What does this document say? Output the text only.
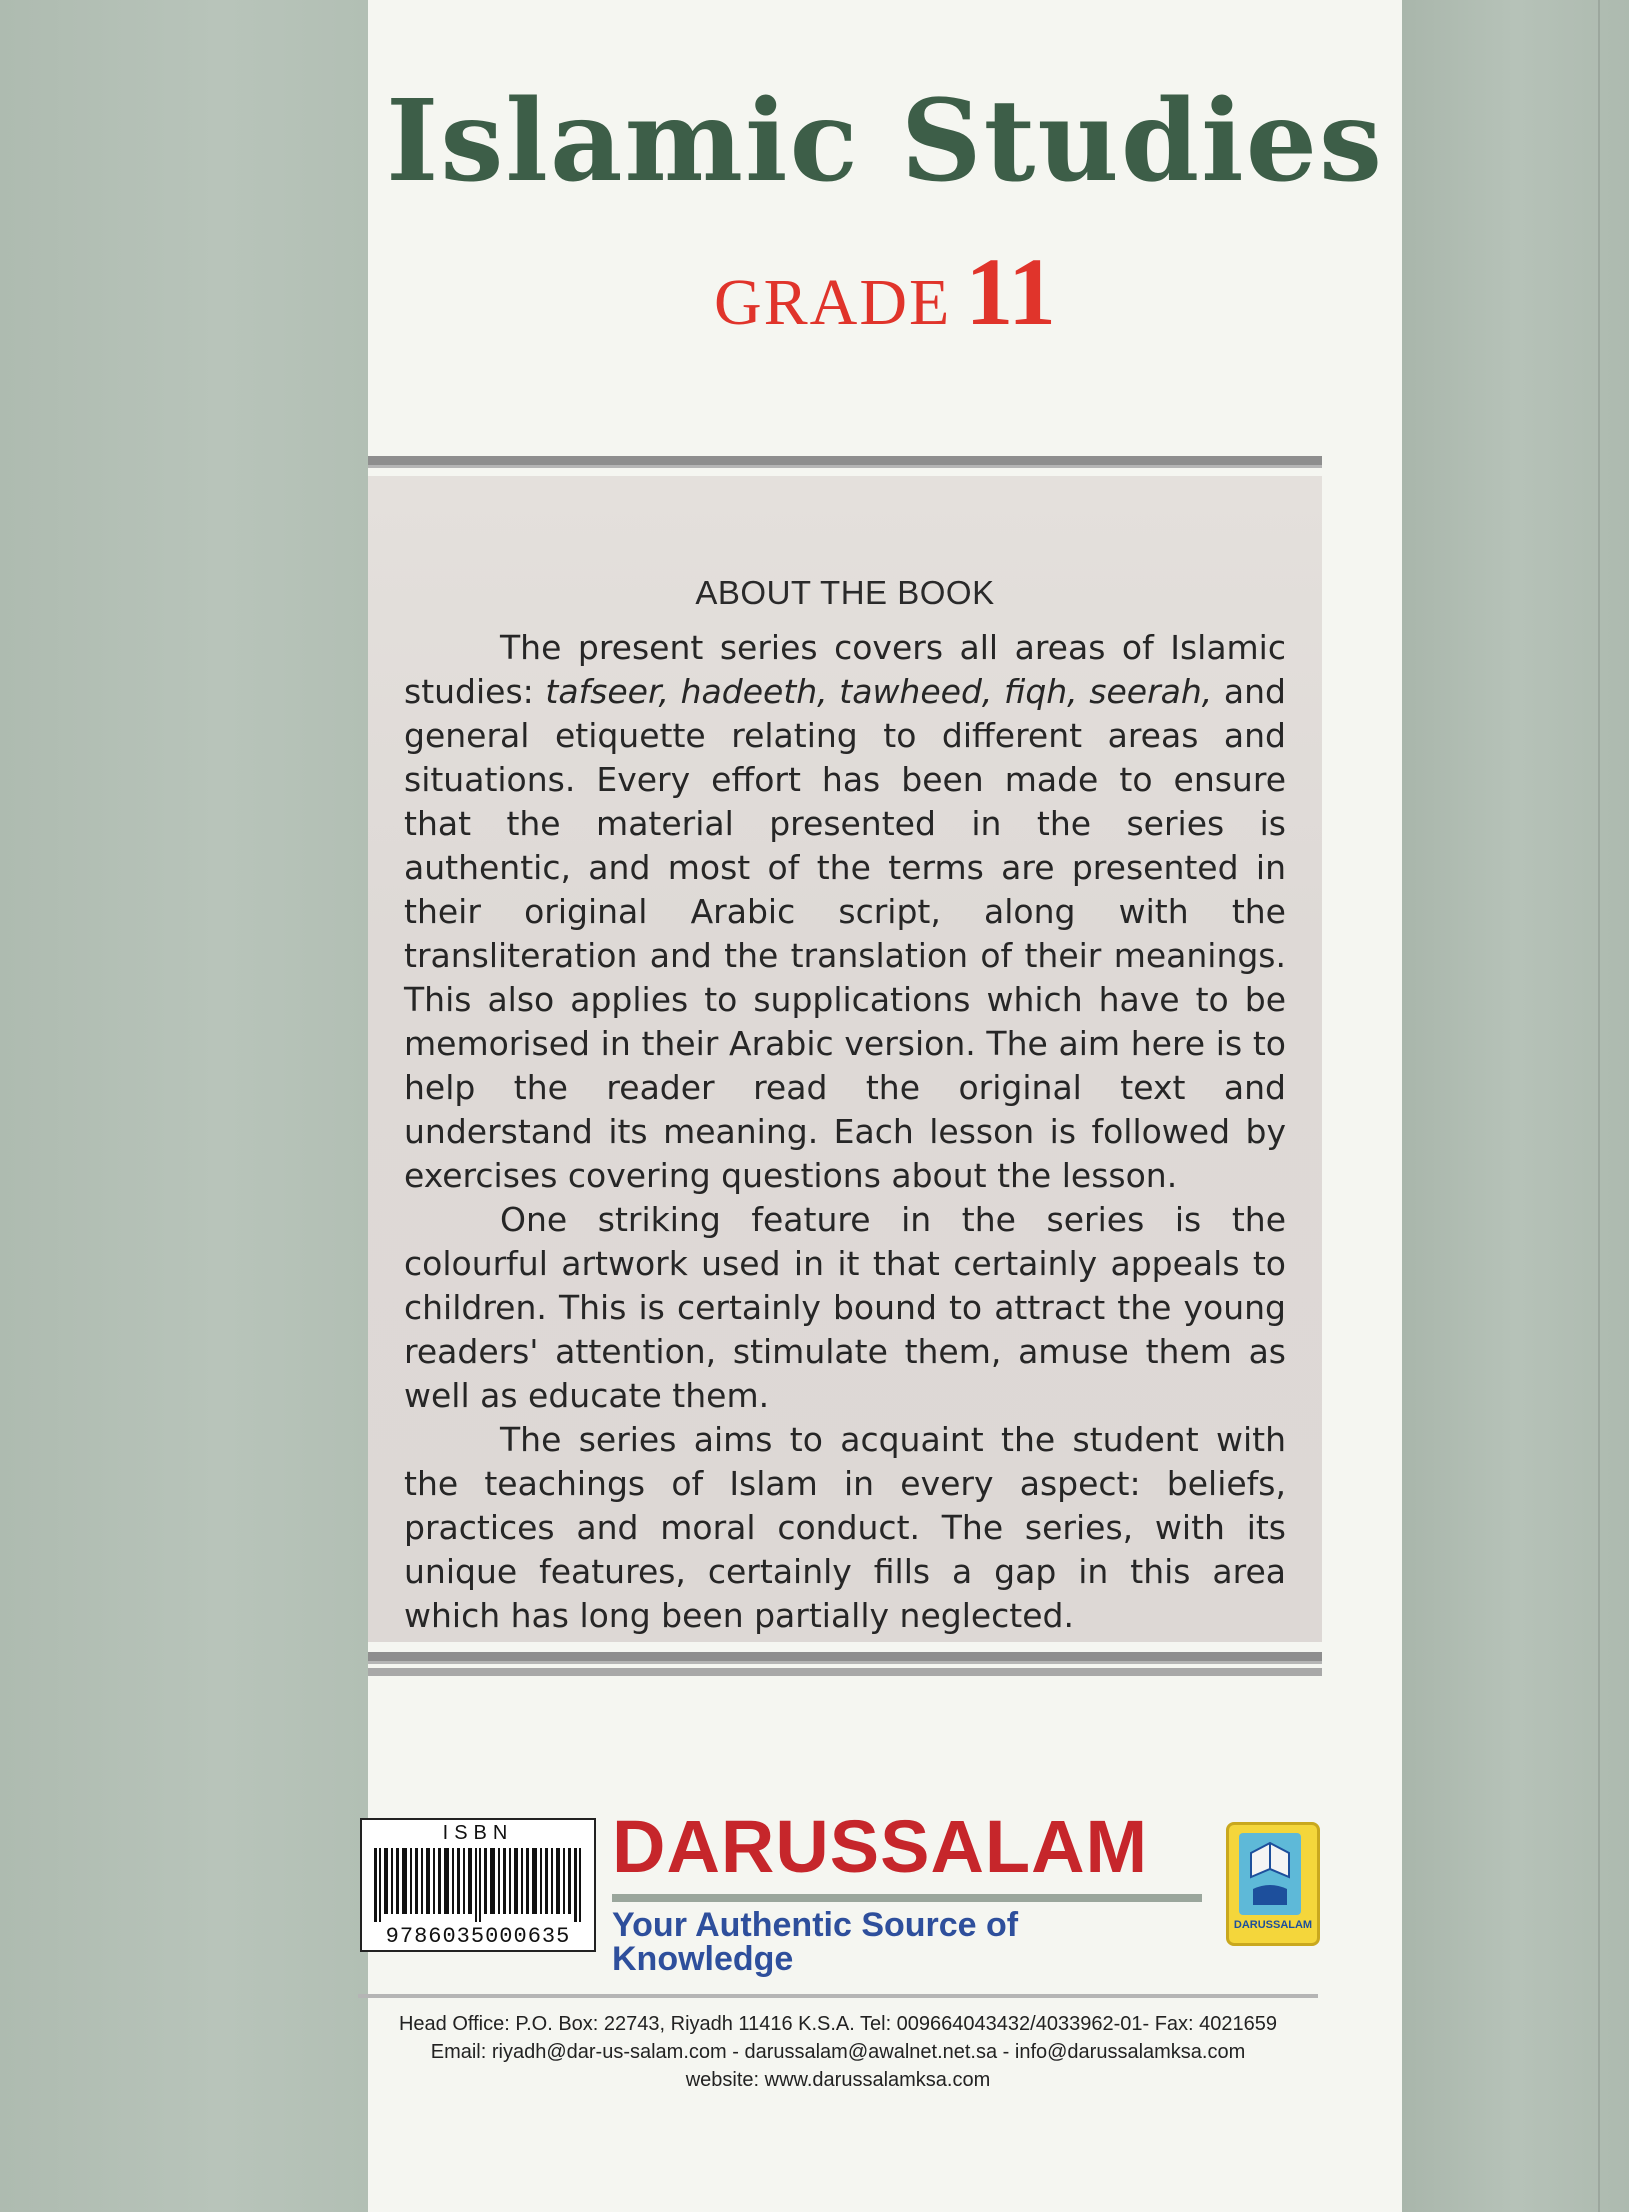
Islamic Studies
GRADE 11
ABOUT THE BOOK

The present series covers all areas of Islamic studies: tafseer, hadeeth, tawheed, fiqh, seerah, and general etiquette relating to different areas and situations. Every effort has been made to ensure that the material presented in the series is authentic, and most of the terms are presented in their original Arabic script, along with the transliteration and the translation of their meanings. This also applies to supplications which have to be memorised in their Arabic version. The aim here is to help the reader read the original text and understand its meaning. Each lesson is followed by exercises covering questions about the lesson.

One striking feature in the series is the colourful artwork used in it that certainly appeals to children. This is certainly bound to attract the young readers' attention, stimulate them, amuse them as well as educate them.

The series aims to acquaint the student with the teachings of Islam in every aspect: beliefs, practices and moral conduct. The series, with its unique features, certainly fills a gap in this area which has long been partially neglected.

ISBN
9786035000635
DARUSSALAM
Your Authentic Source of Knowledge
DARUSSALAM
Head Office: P.O. Box: 22743, Riyadh 11416 K.S.A. Tel: 009664043432/4033962-01- Fax: 4021659
Email: riyadh@dar-us-salam.com - darussalam@awalnet.net.sa - info@darussalamksa.com
website: www.darussalamksa.com
